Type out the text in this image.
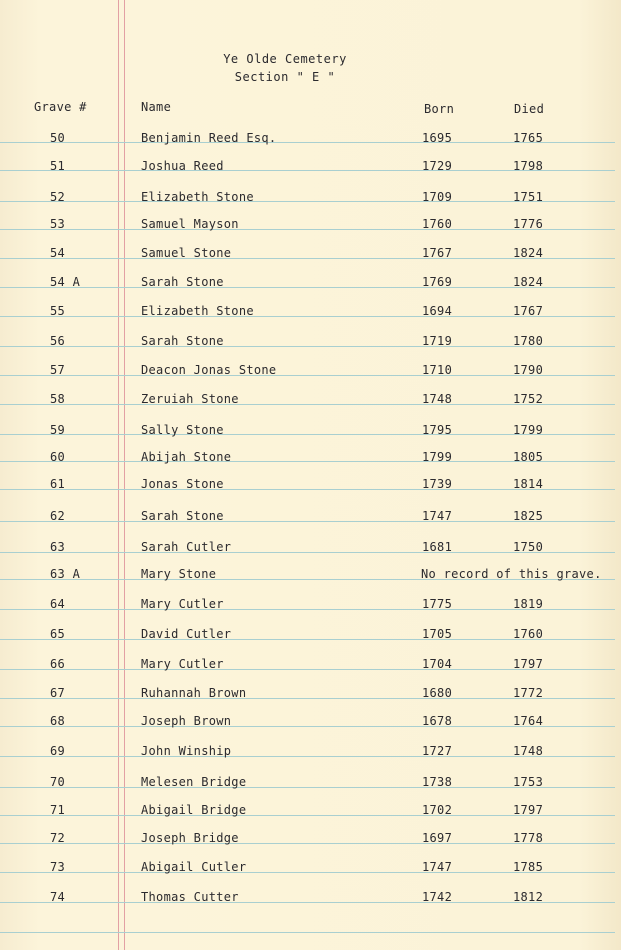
Ye Olde Cemetery
Section " E "
Grave #	Name	Born	Died
50	Benjamin Reed Esq.	1695	1765
51	Joshua Reed	1729	1798
52	Elizabeth Stone	1709	1751
53	Samuel Mayson	1760	1776
54	Samuel Stone	1767	1824
54 A	Sarah Stone	1769	1824
55	Elizabeth Stone	1694	1767
56	Sarah Stone	1719	1780
57	Deacon Jonas Stone	1710	1790
58	Zeruiah Stone	1748	1752
59	Sally Stone	1795	1799
60	Abijah Stone	1799	1805
61	Jonas Stone	1739	1814
62	Sarah Stone	1747	1825
63	Sarah Cutler	1681	1750
63 A	Mary Stone	No record of this grave.
64	Mary Cutler	1775	1819
65	David Cutler	1705	1760
66	Mary Cutler	1704	1797
67	Ruhannah Brown	1680	1772
68	Joseph Brown	1678	1764
69	John Winship	1727	1748
70	Melesen Bridge	1738	1753
71	Abigail Bridge	1702	1797
72	Joseph Bridge	1697	1778
73	Abigail Cutler	1747	1785
74	Thomas Cutter	1742	1812
